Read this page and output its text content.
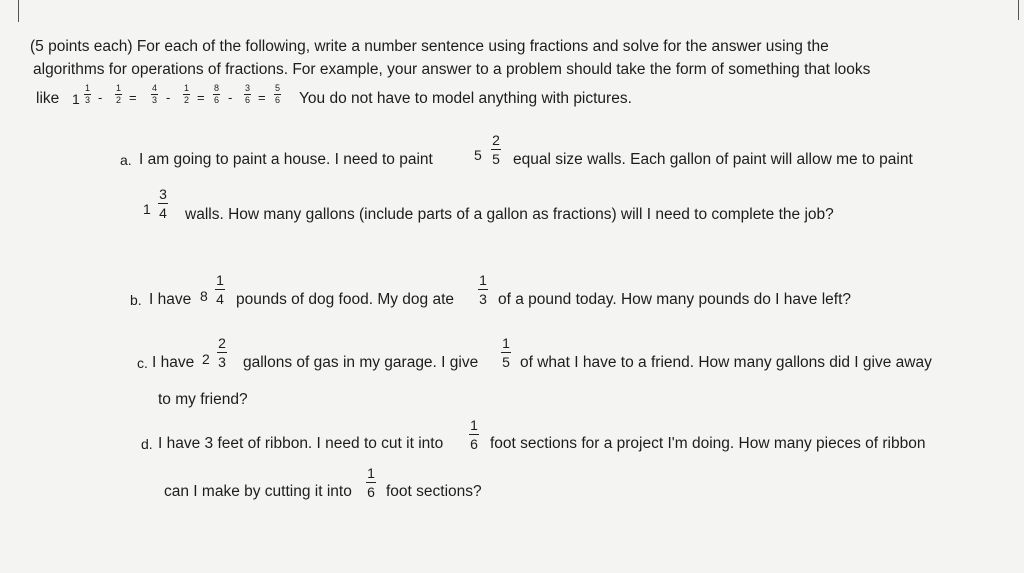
(5 points each) For each of the following, write a number sentence using fractions and solve for the answer using the
algorithms for operations of fractions. For example, your answer to a problem should take the form of something that looks
like 1
1
3 -
1
2 =
4
3 -
1
2 =
8
6 -
3
6 =
5
6 You do not have to model anything with pictures.
a. I am going to paint a house. I need to paint	5
2
5 equal size walls. Each gallon of paint will allow me to paint
1
3
4 walls. How many gallons (include parts of a gallon as fractions) will I need to complete the job?
b. I have 8
1
4 pounds of dog food. My dog ate
1
3 of a pound today. How many pounds do I have left?
c. I have 2
2
3 gallons of gas in my garage. I give
1
5 of what I have to a friend. How many gallons did I give away
to my friend?
d. I have 3 feet of ribbon. I need to cut it into
1
6 foot sections for a project I'm doing. How many pieces of ribbon
can I make by cutting it into
1
6 foot sections?
